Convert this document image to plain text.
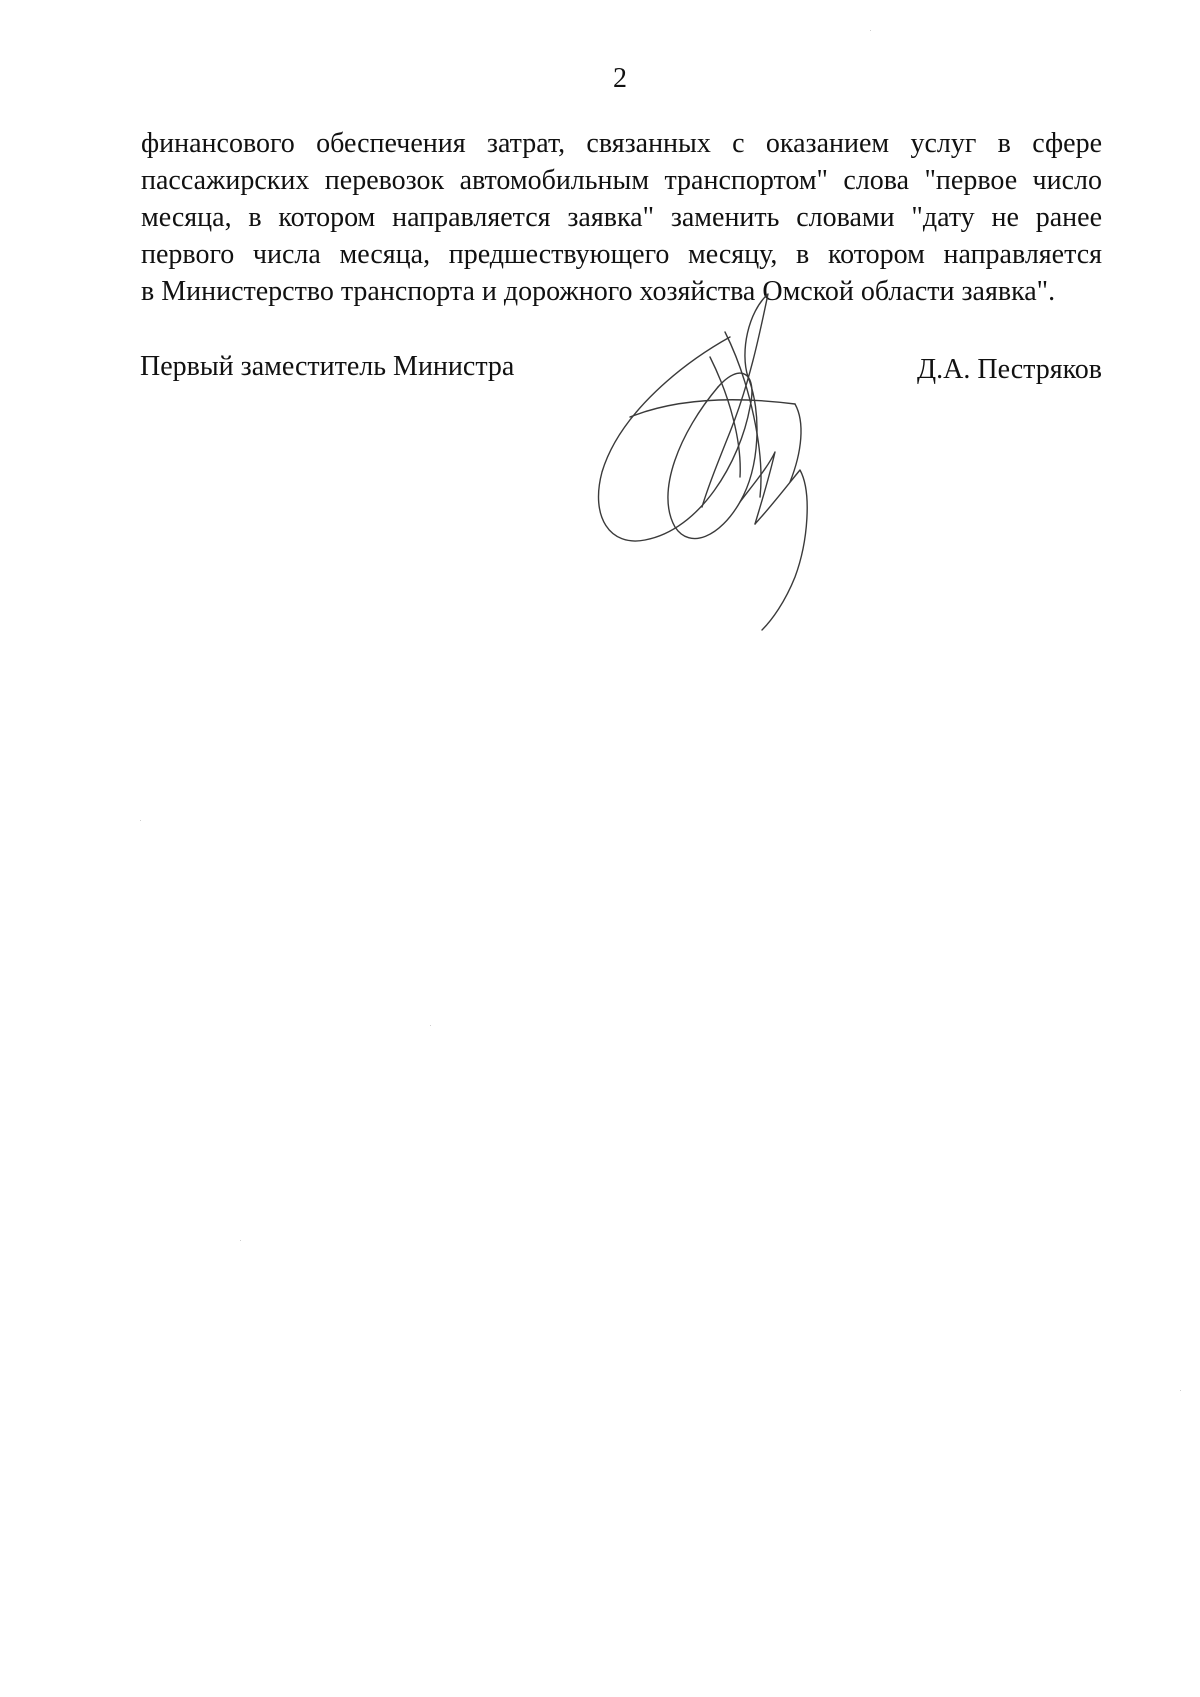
2
финансового обеспечения затрат, связанных с оказанием услуг в сфере
пассажирских перевозок автомобильным транспортом" слова "первое число
месяца, в котором направляется заявка" заменить словами "дату не ранее
первого числа месяца, предшествующего месяцу, в котором направляется
в Министерство транспорта и дорожного хозяйства Омской области заявка".
Первый заместитель Министра	Д.А. Пестряков
